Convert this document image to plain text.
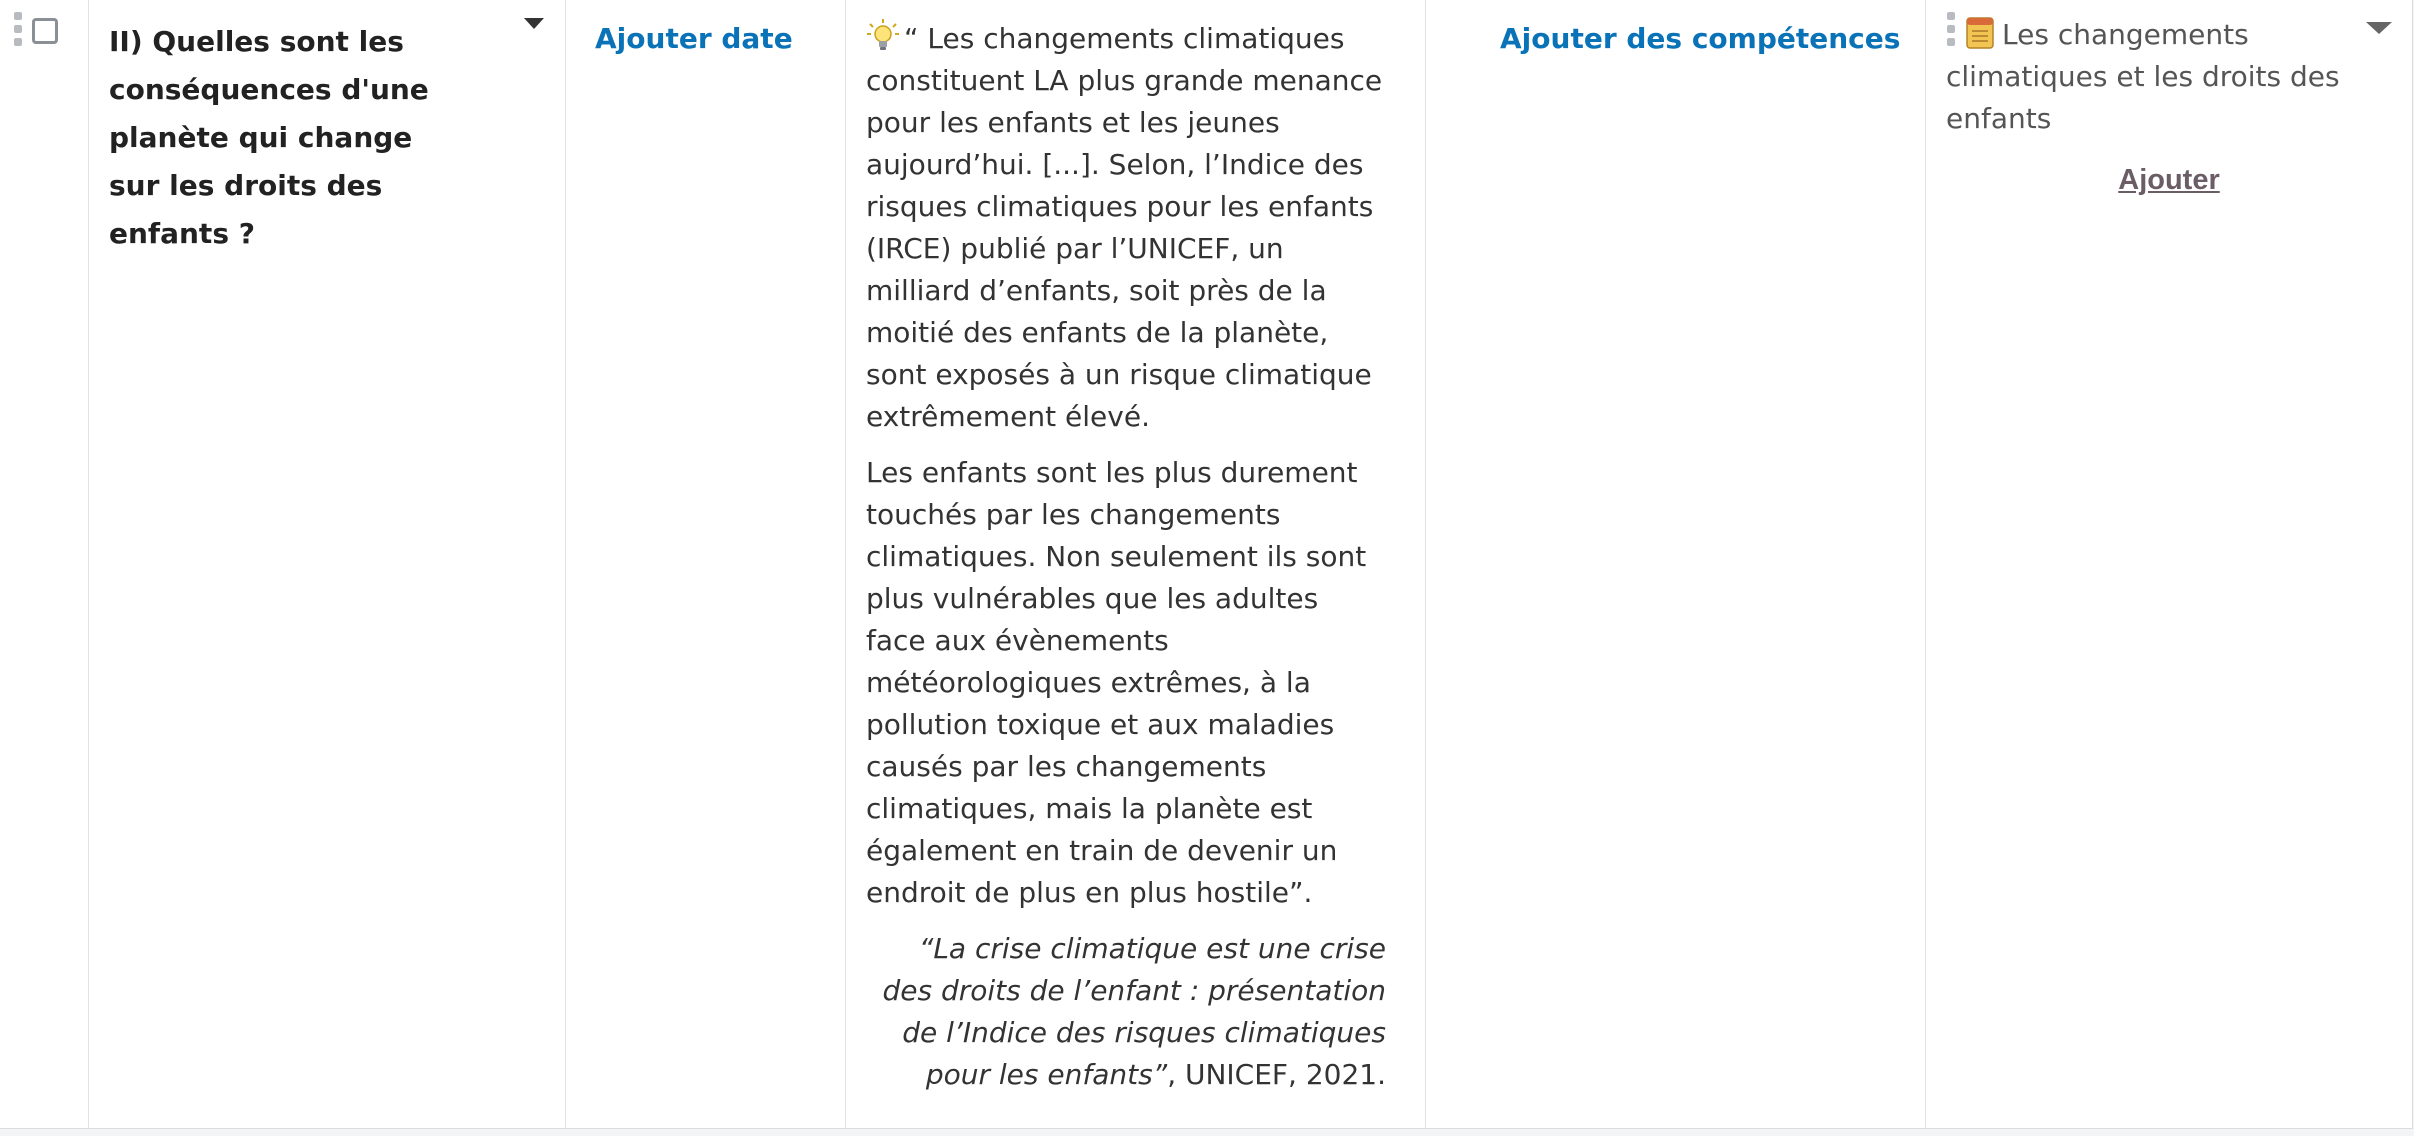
II) Quelles sont les conséquences d'une planète qui change sur les droits des enfants ?
Ajouter date	“ Les changements climatiques constituent LA plus grande menance pour les enfants et les jeunes aujourd’hui. [...]. Selon, l’Indice des risques climatiques pour les enfants (IRCE) publié par l’UNICEF, un milliard d’enfants, soit près de la moitié des enfants de la planète, sont exposés à un risque climatique extrêmement élevé.

Les enfants sont les plus durement touchés par les changements climatiques. Non seulement ils sont plus vulnérables que les adultes face aux évènements météorologiques extrêmes, à la pollution toxique et aux maladies causés par les changements climatiques, mais la planète est également en train de devenir un endroit de plus en plus hostile”.

“La crise climatique est une crise des droits de l’enfant : présentation de l’Indice des risques climatiques pour les enfants”, UNICEF, 2021.

Ajouter des compétences	Les changements climatiques et les droits des enfants
Ajouter
